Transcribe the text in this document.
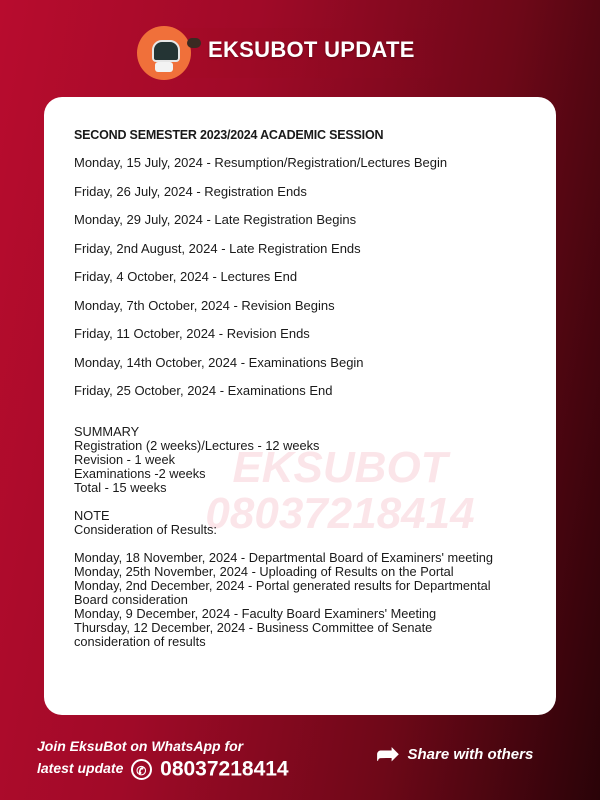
EKSUBOT UPDATE
EKSUBOT
08037218414
SECOND SEMESTER 2023/2024 ACADEMIC SESSION
Monday, 15 July, 2024 - Resumption/Registration/Lectures Begin
Friday, 26 July, 2024 - Registration Ends
Monday, 29 July, 2024 - Late Registration Begins
Friday, 2nd August, 2024 - Late Registration Ends
Friday, 4 October, 2024 - Lectures End
Monday, 7th October, 2024 - Revision Begins
Friday, 11 October, 2024 - Revision Ends
Monday, 14th October, 2024 - Examinations Begin
Friday, 25 October, 2024 - Examinations End
SUMMARY
Registration (2 weeks)/Lectures - 12 weeks
Revision - 1 week
Examinations -2 weeks
Total - 15 weeks
NOTE
Consideration of Results:
Monday, 18 November, 2024 - Departmental Board of Examiners' meeting
Monday, 25th November, 2024 - Uploading of Results on the Portal
Monday, 2nd December, 2024 - Portal generated results for Departmental Board consideration
Monday, 9 December, 2024 - Faculty Board Examiners' Meeting
Thursday, 12 December, 2024 - Business Committee of Senate consideration of results
Join EksuBot on WhatsApp for
latest update ✆ 08037218414	➦ Share with others
